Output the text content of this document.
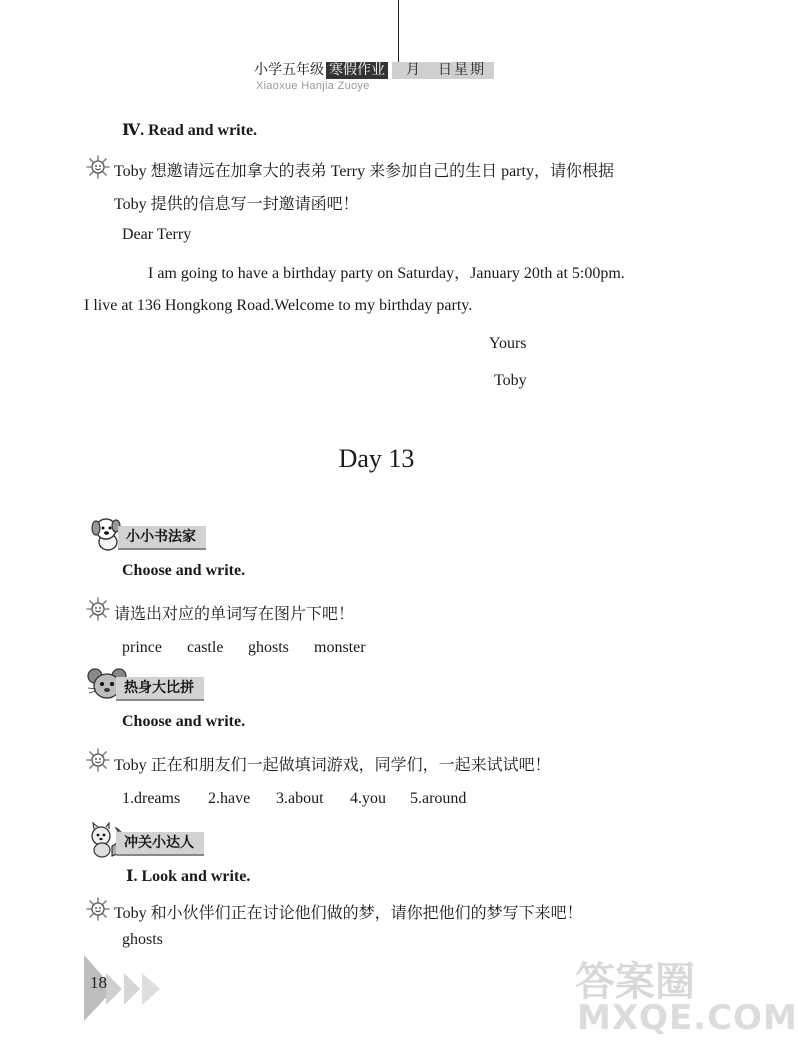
小学五年级 寒假作业	月　日星期
Xiaoxue Hanjia Zuoye
Ⅳ. Read and write.
Toby 想邀请远在加拿大的表弟 Terry 来参加自己的生日 party，请你根据
Toby 提供的信息写一封邀请函吧！
Dear Terry
I am going to have a birthday party on Saturday，January 20th at 5:00pm.
I live at 136 Hongkong Road.Welcome to my birthday party.
Yours
Toby
Day 13
小小书法家
Choose and write.
请选出对应的单词写在图片下吧！
prince castle ghosts monster
热身大比拼
Choose and write.
Toby 正在和朋友们一起做填词游戏，同学们，一起来试试吧！
1.dreams 2.have 3.about 4.you 5.around
冲关小达人
Ⅰ. Look and write.
Toby 和小伙伴们正在讨论他们做的梦，请你把他们的梦写下来吧！
ghosts
18	答案圈
MXQE.COM
